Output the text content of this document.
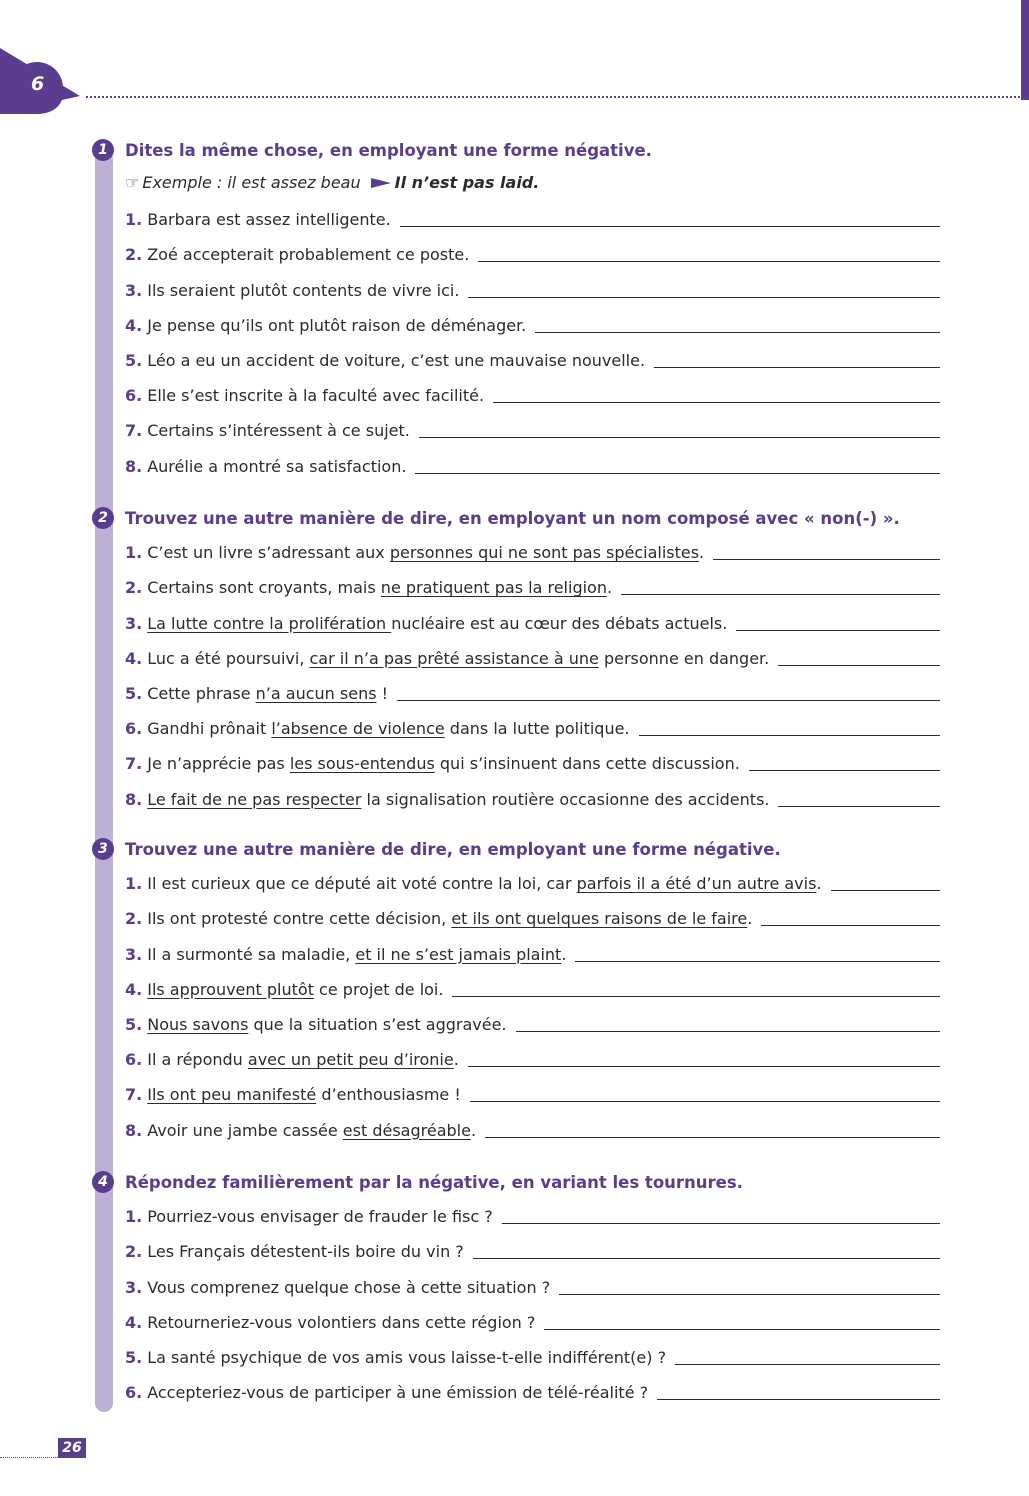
6
1	Dites la même chose, en employant une forme négative.
☞ Exemple : il est assez beau Il n’est pas laid.
1. Barbara est assez intelligente.
2. Zoé accepterait probablement ce poste.
3. Ils seraient plutôt contents de vivre ici.
4. Je pense qu’ils ont plutôt raison de déménager.
5. Léo a eu un accident de voiture, c’est une mauvaise nouvelle.
6. Elle s’est inscrite à la faculté avec facilité.
7. Certains s’intéressent à ce sujet.
8. Aurélie a montré sa satisfaction.
2	Trouvez une autre manière de dire, en employant un nom composé avec « non(-) ».
1. C’est un livre s’adressant aux personnes qui ne sont pas spécialistes .
2. Certains sont croyants, mais ne pratiquent pas la religion .
3. La lutte contre la prolifération nucléaire est au cœur des débats actuels.
4. Luc a été poursuivi, car il n’a pas prêté assistance à une personne en danger.
5. Cette phrase n’a aucun sens !
6. Gandhi prônait l’absence de violence dans la lutte politique.
7. Je n’apprécie pas les sous-entendus qui s’insinuent dans cette discussion.
8. Le fait de ne pas respecter la signalisation routière occasionne des accidents.
3	Trouvez une autre manière de dire, en employant une forme négative.
1. Il est curieux que ce député ait voté contre la loi, car parfois il a été d’un autre avis .
2. Ils ont protesté contre cette décision, et ils ont quelques raisons de le faire .
3. Il a surmonté sa maladie, et il ne s’est jamais plaint .
4. Ils approuvent plutôt ce projet de loi.
5. Nous savons que la situation s’est aggravée.
6. Il a répondu avec un petit peu d’ironie .
7. Ils ont peu manifesté d’enthousiasme !
8. Avoir une jambe cassée est désagréable .
4	Répondez familièrement par la négative, en variant les tournures.
1. Pourriez-vous envisager de frauder le fisc ?
2. Les Français détestent-ils boire du vin ?
3. Vous comprenez quelque chose à cette situation ?
4. Retourneriez-vous volontiers dans cette région ?
5. La santé psychique de vos amis vous laisse-t-elle indifférent(e) ?
6. Accepteriez-vous de participer à une émission de télé-réalité ?
26
